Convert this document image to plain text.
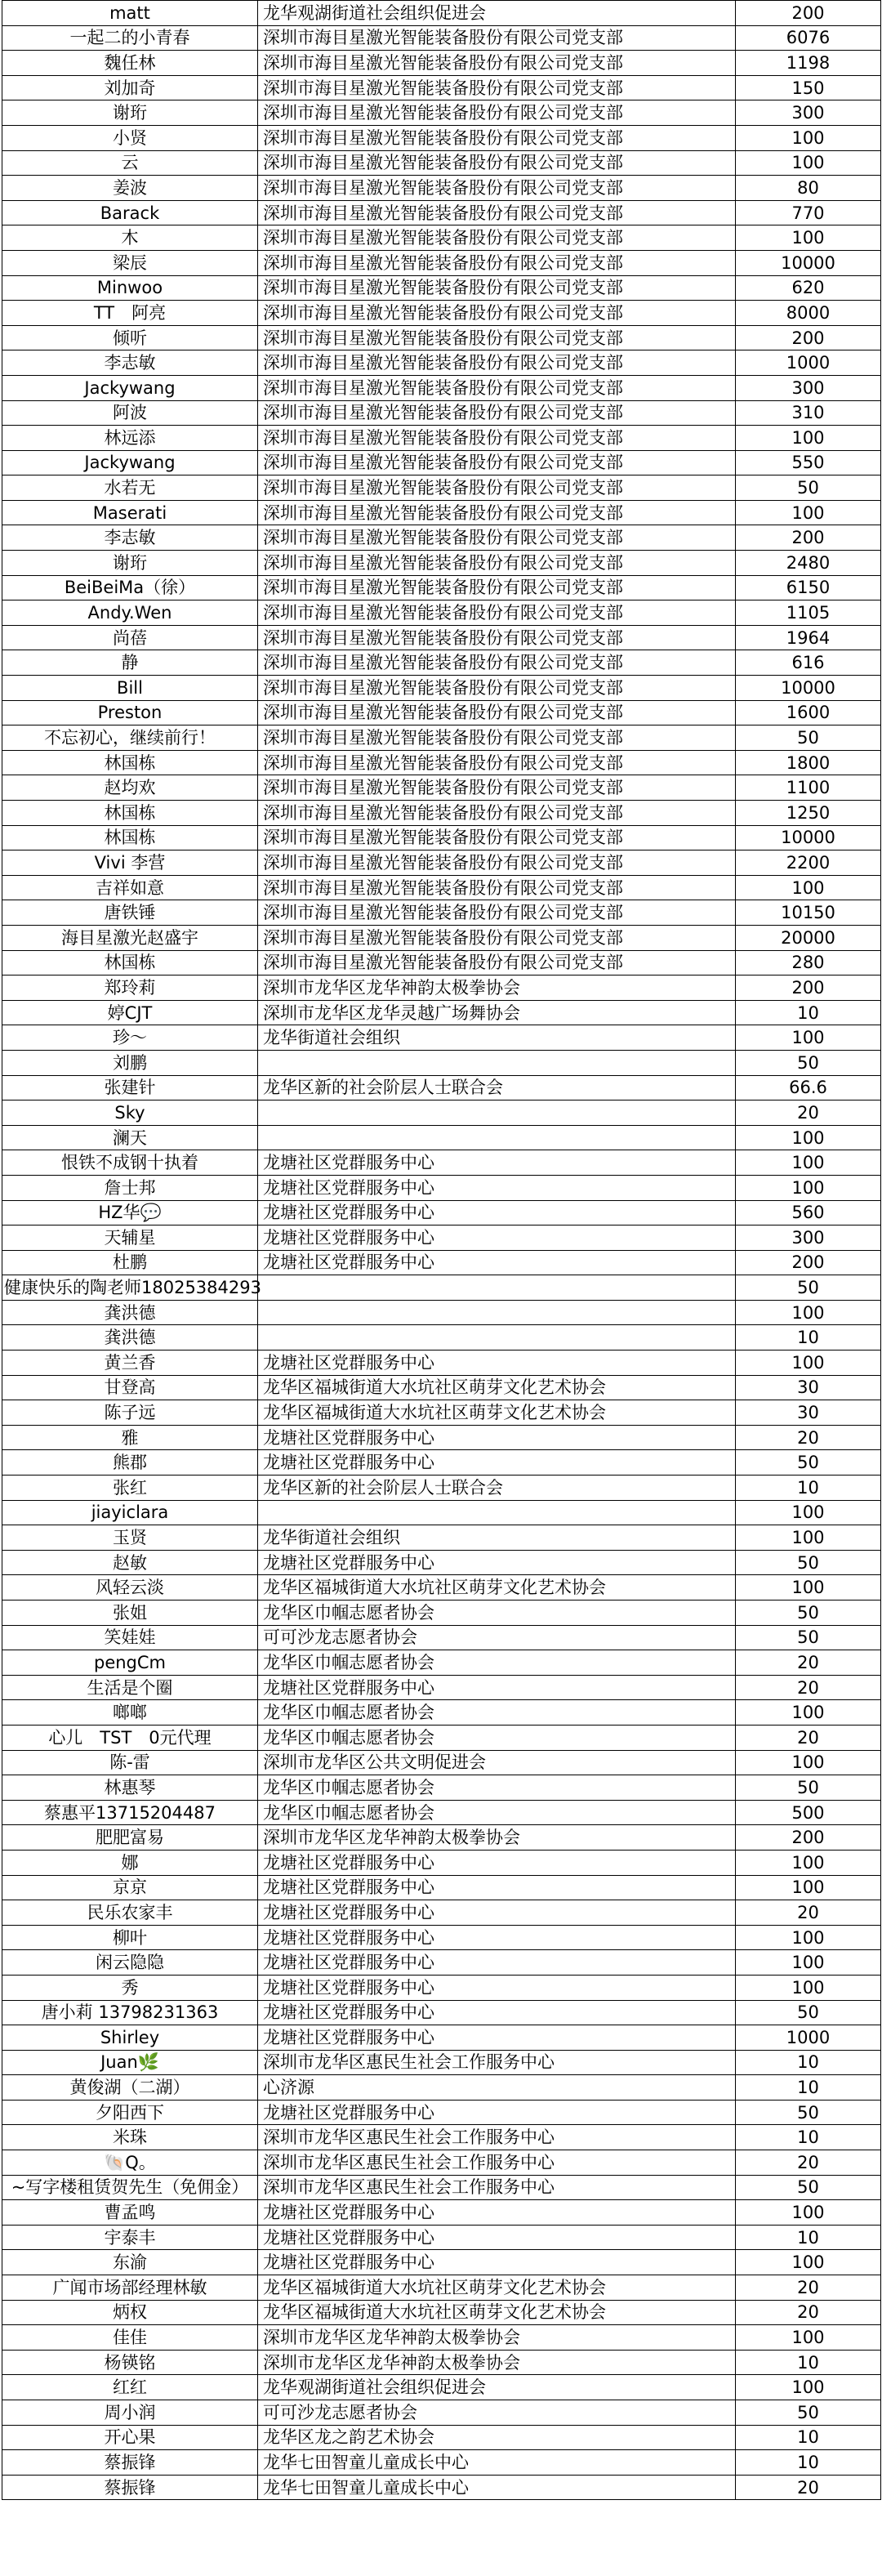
matt	龙华观湖街道社会组织促进会	200
一起二的小青春	深圳市海目星激光智能装备股份有限公司党支部	6076
魏任林	深圳市海目星激光智能装备股份有限公司党支部	1198
刘加奇	深圳市海目星激光智能装备股份有限公司党支部	150
谢珩	深圳市海目星激光智能装备股份有限公司党支部	300
小贤	深圳市海目星激光智能装备股份有限公司党支部	100
云	深圳市海目星激光智能装备股份有限公司党支部	100
姜波	深圳市海目星激光智能装备股份有限公司党支部	80
Barack	深圳市海目星激光智能装备股份有限公司党支部	770
木	深圳市海目星激光智能装备股份有限公司党支部	100
梁辰	深圳市海目星激光智能装备股份有限公司党支部	10000
Minwoo	深圳市海目星激光智能装备股份有限公司党支部	620
TT　阿亮	深圳市海目星激光智能装备股份有限公司党支部	8000
倾听	深圳市海目星激光智能装备股份有限公司党支部	200
李志敏	深圳市海目星激光智能装备股份有限公司党支部	1000
Jackywang	深圳市海目星激光智能装备股份有限公司党支部	300
阿波	深圳市海目星激光智能装备股份有限公司党支部	310
林远添	深圳市海目星激光智能装备股份有限公司党支部	100
Jackywang	深圳市海目星激光智能装备股份有限公司党支部	550
水若无	深圳市海目星激光智能装备股份有限公司党支部	50
Maserati	深圳市海目星激光智能装备股份有限公司党支部	100
李志敏	深圳市海目星激光智能装备股份有限公司党支部	200
谢珩	深圳市海目星激光智能装备股份有限公司党支部	2480
BeiBeiMa（徐）	深圳市海目星激光智能装备股份有限公司党支部	6150
Andy.Wen	深圳市海目星激光智能装备股份有限公司党支部	1105
尚蓓	深圳市海目星激光智能装备股份有限公司党支部	1964
静	深圳市海目星激光智能装备股份有限公司党支部	616
Bill	深圳市海目星激光智能装备股份有限公司党支部	10000
Preston	深圳市海目星激光智能装备股份有限公司党支部	1600
不忘初心，继续前行！	深圳市海目星激光智能装备股份有限公司党支部	50
林国栋	深圳市海目星激光智能装备股份有限公司党支部	1800
赵均欢	深圳市海目星激光智能装备股份有限公司党支部	1100
林国栋	深圳市海目星激光智能装备股份有限公司党支部	1250
林国栋	深圳市海目星激光智能装备股份有限公司党支部	10000
Vivi 李营	深圳市海目星激光智能装备股份有限公司党支部	2200
吉祥如意	深圳市海目星激光智能装备股份有限公司党支部	100
唐铁锤	深圳市海目星激光智能装备股份有限公司党支部	10150
海目星激光赵盛宇	深圳市海目星激光智能装备股份有限公司党支部	20000
林国栋	深圳市海目星激光智能装备股份有限公司党支部	280
郑玲莉	深圳市龙华区龙华神韵太极拳协会	200
婷CJT	深圳市龙华区龙华灵越广场舞协会	10
珍～	龙华街道社会组织	100
刘鹏		50
张建针	龙华区新的社会阶层人士联合会	66.6
Sky		20
澜天		100
恨铁不成钢十执着	龙塘社区党群服务中心	100
詹士邦	龙塘社区党群服务中心	100
HZ华💬	龙塘社区党群服务中心	560
天辅星	龙塘社区党群服务中心	300
杜鹏	龙塘社区党群服务中心	200
健康快乐的陶老师18025384293		50
龚洪德		100
龚洪德		10
黄兰香	龙塘社区党群服务中心	100
甘登高	龙华区福城街道大水坑社区萌芽文化艺术协会	30
陈子远	龙华区福城街道大水坑社区萌芽文化艺术协会	30
雅	龙塘社区党群服务中心	20
熊郡	龙塘社区党群服务中心	50
张红	龙华区新的社会阶层人士联合会	10
jiayiclara		100
玉贤	龙华街道社会组织	100
赵敏	龙塘社区党群服务中心	50
风轻云淡	龙华区福城街道大水坑社区萌芽文化艺术协会	100
张姐	龙华区巾帼志愿者协会	50
笑娃娃	可可沙龙志愿者协会	50
pengCm	龙华区巾帼志愿者协会	20
生活是个圈	龙塘社区党群服务中心	20
啷啷	龙华区巾帼志愿者协会	100
心儿　TST　0元代理	龙华区巾帼志愿者协会	20
陈-雷	深圳市龙华区公共文明促进会	100
林惠琴	龙华区巾帼志愿者协会	50
蔡惠平13715204487	龙华区巾帼志愿者协会	500
肥肥富易	深圳市龙华区龙华神韵太极拳协会	200
娜	龙塘社区党群服务中心	100
京京	龙塘社区党群服务中心	100
民乐农家丰	龙塘社区党群服务中心	20
柳叶	龙塘社区党群服务中心	100
闲云隐隐	龙塘社区党群服务中心	100
秀	龙塘社区党群服务中心	100
唐小莉 13798231363	龙塘社区党群服务中心	50
Shirley	龙塘社区党群服务中心	1000
Juan🌿	深圳市龙华区惠民生社会工作服务中心	10
黄俊湖（二湖）	心济源	10
夕阳西下	龙塘社区党群服务中心	50
米珠	深圳市龙华区惠民生社会工作服务中心	10
🐚Q。	深圳市龙华区惠民生社会工作服务中心	20
~写字楼租赁贺先生（免佣金）	深圳市龙华区惠民生社会工作服务中心	50
曹孟鸣	龙塘社区党群服务中心	100
宇泰丰	龙塘社区党群服务中心	10
东渝	龙塘社区党群服务中心	100
广闻市场部经理林敏	龙华区福城街道大水坑社区萌芽文化艺术协会	20
炳权	龙华区福城街道大水坑社区萌芽文化艺术协会	20
佳佳	深圳市龙华区龙华神韵太极拳协会	100
杨锳铭	深圳市龙华区龙华神韵太极拳协会	10
红红	龙华观湖街道社会组织促进会	100
周小润	可可沙龙志愿者协会	50
开心果	龙华区龙之韵艺术协会	10
蔡振锋	龙华七田智童儿童成长中心	10
蔡振锋	龙华七田智童儿童成长中心	20
